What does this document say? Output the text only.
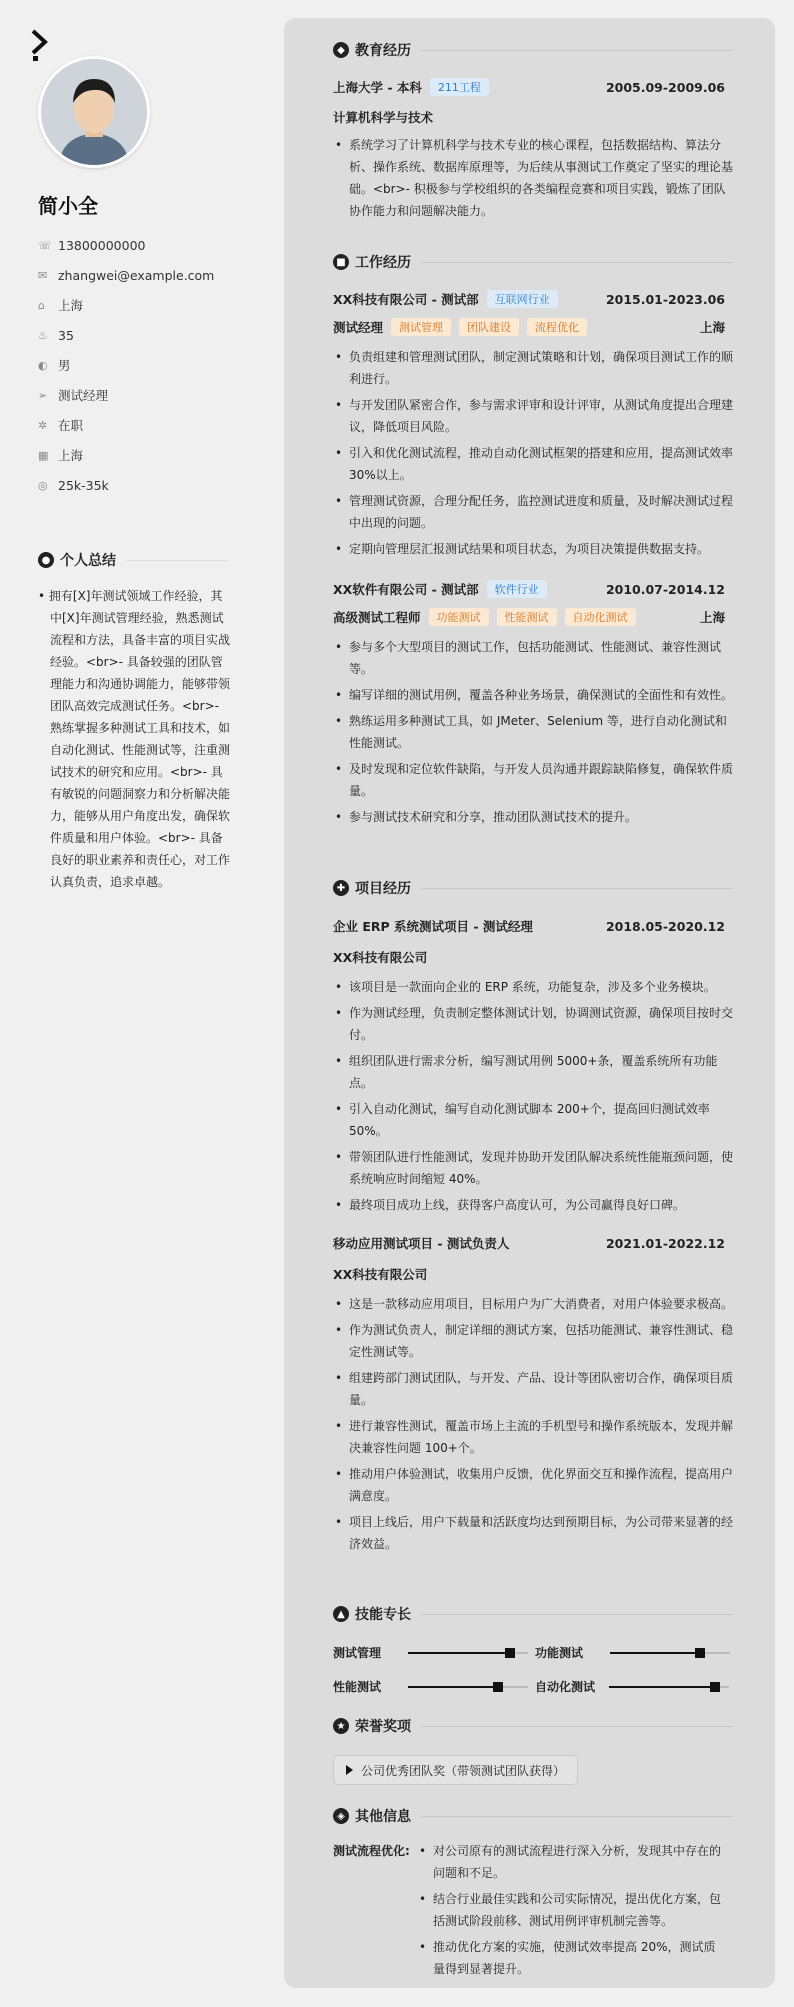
简小全
☏ 13800000000
✉ zhangwei@example.com
⌂	上海
♨ 35
◐ 男
➢ 测试经理
✲ 在职
▦ 上海
◎ 25k-35k
● 个人总结
• 拥有[X]年测试领域工作经验，其中[X]年测试管理经验，熟悉测试流程和方法，具备丰富的项目实战经验。<br>- 具备较强的团队管理能力和沟通协调能力，能够带领团队高效完成测试任务。<br>- 熟练掌握多种测试工具和技术，如自动化测试、性能测试等，注重测试技术的研究和应用。<br>- 具有敏锐的问题洞察力和分析解决能力，能够从用户角度出发，确保软件质量和用户体验。<br>- 具备良好的职业素养和责任心，对工作认真负责，追求卓越。
◆ 教育经历
上海大学 - 本科	211工程	2005.09-2009.06
计算机科学与技术
• 系统学习了计算机科学与技术专业的核心课程，包括数据结构、算法分析、操作系统、数据库原理等，为后续从事测试工作奠定了坚实的理论基础。<br>- 积极参与学校组织的各类编程竞赛和项目实践，锻炼了团队协作能力和问题解决能力。
■ 工作经历
XX科技有限公司 - 测试部	互联网行业	2015.01-2023.06
测试经理	测试管理	团队建设	流程优化	上海
• 负责组建和管理测试团队，制定测试策略和计划，确保项目测试工作的顺利进行。
• 与开发团队紧密合作，参与需求评审和设计评审，从测试角度提出合理建议，降低项目风险。
• 引入和优化测试流程，推动自动化测试框架的搭建和应用，提高测试效率 30%以上。
• 管理测试资源，合理分配任务，监控测试进度和质量，及时解决测试过程中出现的问题。
• 定期向管理层汇报测试结果和项目状态，为项目决策提供数据支持。
XX软件有限公司 - 测试部	软件行业	2010.07-2014.12
高级测试工程师	功能测试	性能测试	自动化测试	上海
• 参与多个大型项目的测试工作，包括功能测试、性能测试、兼容性测试等。
• 编写详细的测试用例，覆盖各种业务场景，确保测试的全面性和有效性。
• 熟练运用多种测试工具，如 JMeter、Selenium 等，进行自动化测试和性能测试。
• 及时发现和定位软件缺陷，与开发人员沟通并跟踪缺陷修复，确保软件质量。
• 参与测试技术研究和分享，推动团队测试技术的提升。
✚ 项目经历
企业 ERP 系统测试项目 - 测试经理	2018.05-2020.12
XX科技有限公司
• 该项目是一款面向企业的 ERP 系统，功能复杂，涉及多个业务模块。
• 作为测试经理，负责制定整体测试计划，协调测试资源，确保项目按时交付。
• 组织团队进行需求分析，编写测试用例 5000+条，覆盖系统所有功能点。
• 引入自动化测试，编写自动化测试脚本 200+个，提高回归测试效率 50%。
• 带领团队进行性能测试，发现并协助开发团队解决系统性能瓶颈问题，使系统响应时间缩短 40%。
• 最终项目成功上线，获得客户高度认可，为公司赢得良好口碑。
移动应用测试项目 - 测试负责人	2021.01-2022.12
XX科技有限公司
• 这是一款移动应用项目，目标用户为广大消费者，对用户体验要求极高。
• 作为测试负责人，制定详细的测试方案，包括功能测试、兼容性测试、稳定性测试等。
• 组建跨部门测试团队，与开发、产品、设计等团队密切合作，确保项目质量。
• 进行兼容性测试，覆盖市场上主流的手机型号和操作系统版本，发现并解决兼容性问题 100+个。
• 推动用户体验测试，收集用户反馈，优化界面交互和操作流程，提高用户满意度。
• 项目上线后，用户下载量和活跃度均达到预期目标，为公司带来显著的经济效益。
▲ 技能专长
测试管理	功能测试
性能测试	自动化测试
★ 荣誉奖项
公司优秀团队奖（带领测试团队获得）
◈ 其他信息
测试流程优化:
•	对公司原有的测试流程进行深入分析，发现其中存在的问题和不足。
• 结合行业最佳实践和公司实际情况，提出优化方案，包括测试阶段前移、测试用例评审机制完善等。
• 推动优化方案的实施，使测试效率提高 20%，测试质量得到显著提升。
